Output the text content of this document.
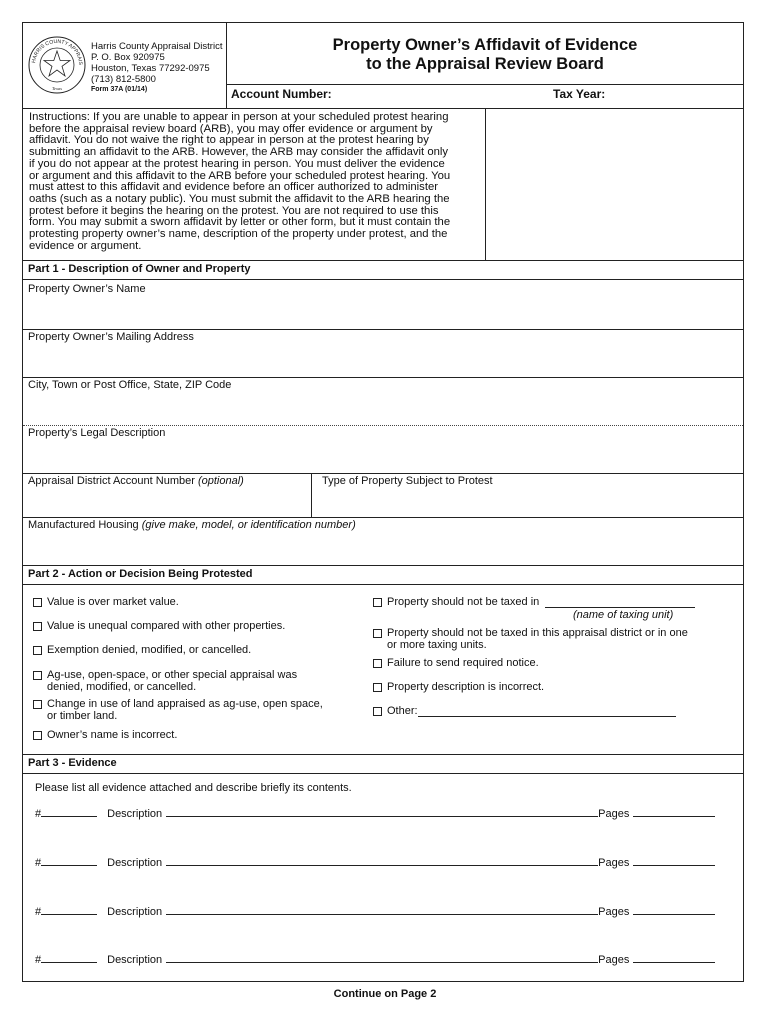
HARRIS COUNTY APPRAIS
Texas
Harris County Appraisal District
P. O. Box 920975
Houston, Texas 77292-0975
(713) 812-5800
Form 37A (01/14)
Property Owner’s Affidavit of Evidence
to the Appraisal Review Board
Account Number:	Tax Year:
Instructions: If you are unable to appear in person at your scheduled protest hearing
before the appraisal review board (ARB), you may offer evidence or argument by
affidavit. You do not waive the right to appear in person at the protest hearing by
submitting an affidavit to the ARB. However, the ARB may consider the affidavit only
if you do not appear at the protest hearing in person. You must deliver the evidence
or argument and this affidavit to the ARB before your scheduled protest hearing. You
must attest to this affidavit and evidence before an officer authorized to administer
oaths (such as a notary public). You must submit the affidavit to the ARB hearing the
protest before it begins the hearing on the protest. You are not required to use this
form. You may submit a sworn affidavit by letter or other form, but it must contain the
protesting property owner’s name, description of the property under protest, and the
evidence or argument.
Part 1 - Description of Owner and Property
Property Owner’s Name
Property Owner’s Mailing Address
City, Town or Post Office, State, ZIP Code
Property’s Legal Description
Appraisal District Account Number (optional)	Type of Property Subject to Protest
Manufactured Housing (give make, model, or identification number)
Part 2 - Action or Decision Being Protested
Value is over market value.
Value is unequal compared with other properties.
Exemption denied, modified, or cancelled.
Ag-use, open-space, or other special appraisal was
denied, modified, or cancelled.
Change in use of land appraised as ag-use, open space,
or timber land.
Owner’s name is incorrect.
Property should not be taxed in
(name of taxing unit)
Property should not be taxed in this appraisal district or in one
or more taxing units.
Failure to send required notice.
Property description is incorrect.
Other:
Part 3 - Evidence
Please list all evidence attached and describe briefly its contents.
#	Description	Pages
#	Description	Pages
#	Description	Pages
#	Description	Pages
Continue on Page 2
